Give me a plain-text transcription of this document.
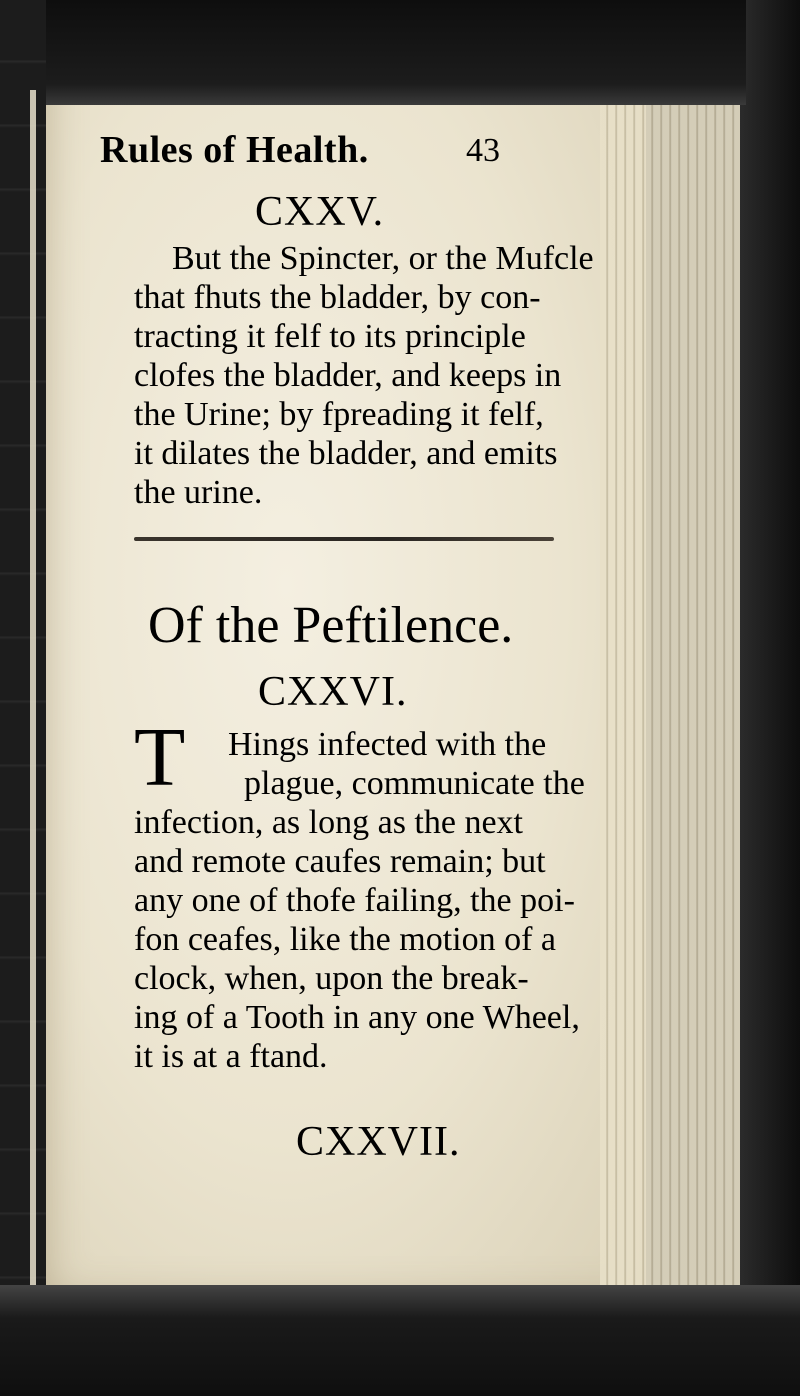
Rules of Health.	43
CXXV.
But the Spincter, or the Mufcle
that fhuts the bladder, by con-
tracting it felf to its principle
clofes the bladder, and keeps in
the Urine; by fpreading it felf,
it dilates the bladder, and emits
the urine.
Of the Peftilence.
CXXVI.
T Hings infected with the
plague, communicate the
infection, as long as the next
and remote caufes remain; but
any one of thofe failing, the poi-
fon ceafes, like the motion of a
clock, when, upon the break-
ing of a Tooth in any one Wheel,
it is at a ftand.
CXXVII.
